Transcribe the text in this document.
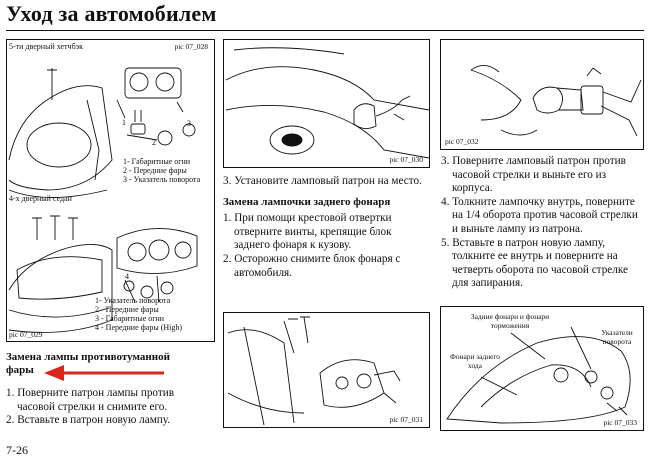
Уход за автомобилем
5-ти дверный хетчбэк	pic 07_028
1
2
3
1- Габаритные огни
2 - Передние фары
3 - Указатель поворота
4-х дверный седан
4
1- Указатель поворота
2 - Передние фары
3 - Габаритные огни
4 - Передние фары (High)
pic 07_029
Замена лампы противотуманной фары

1. Поверните патрон лампы против часовой стрелки и снимите его.

2. Вставьте в патрон новую лампу.

7-26
pic 07_030

3. Установите ламповый патрон на место.

Замена лампочки заднего фонаря

1. При помощи крестовой отвертки отверните винты, крепящие блок заднего фонаря к кузову.

2. Осторожно снимите блок фонаря с автомобиля.

pic 07_031
pic 07_032

3. Поверните ламповый патрон против часовой стрелки и выньте его из корпуса.

4. Толкните лампочку внутрь, поверните на 1/4 оборота против часовой стрелки и выньте лампу из патрона.

5. Вставьте в патрон новую лампу, толкните ее внутрь и поверните на четверть оборота по часовой стрелке для запирания.

Задние фонари и фонари торможения
Указатели поворота
Фонари заднего хода
pic 07_033
